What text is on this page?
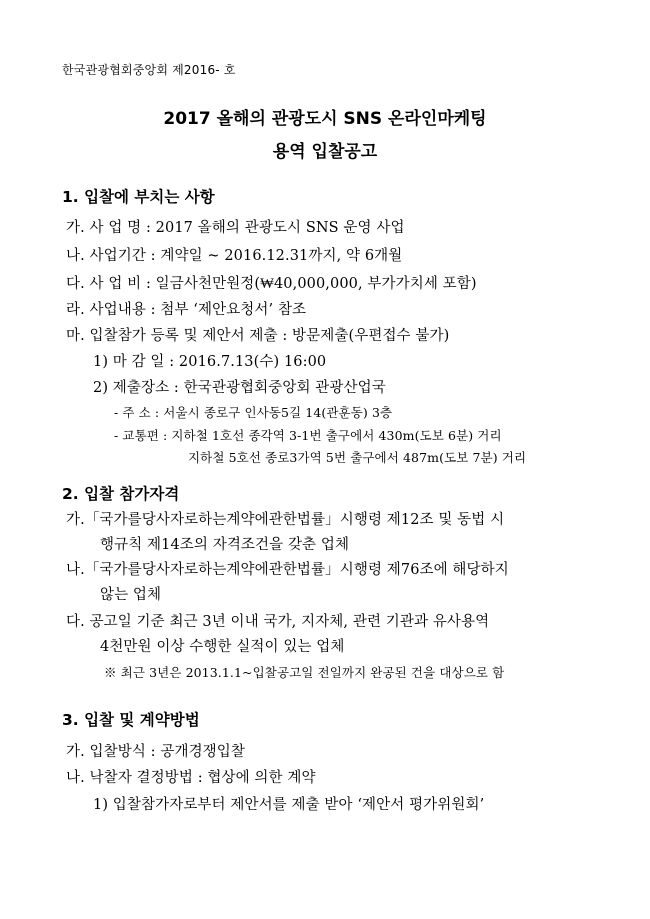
한국관광협회중앙회 제2016- 호
2017 올해의 관광도시 SNS 온라인마케팅
용역 입찰공고
1. 입찰에 부치는 사항
가. 사 업 명 : 2017 올해의 관광도시 SNS 운영 사업
나. 사업기간 : 계약일 ~ 2016.12.31까지, 약 6개월
다. 사 업 비 : 일금사천만원정(₩40,000,000, 부가가치세 포함)
라. 사업내용 : 첨부 ‘제안요청서’ 참조
마. 입찰참가 등록 및 제안서 제출 : 방문제출(우편접수 불가)
1) 마 감 일 : 2016.7.13(수) 16:00
2) 제출장소 : 한국관광협회중앙회 관광산업국
- 주 소 : 서울시 종로구 인사동5길 14(관훈동) 3층
- 교통편 : 지하철 1호선 종각역 3-1번 출구에서 430m(도보 6분) 거리
지하철 5호선 종로3가역 5번 출구에서 487m(도보 7분) 거리
2. 입찰 참가자격
가.「국가를당사자로하는계약에관한법률」시행령 제12조 및 동법 시
행규칙 제14조의 자격조건을 갖춘 업체
나.「국가를당사자로하는계약에관한법률」시행령 제76조에 해당하지
않는 업체
다. 공고일 기준 최근 3년 이내 국가, 지자체, 관련 기관과 유사용역
4천만원 이상 수행한 실적이 있는 업체
※ 최근 3년은 2013.1.1~입찰공고일 전일까지 완공된 건을 대상으로 함
3. 입찰 및 계약방법
가. 입찰방식 : 공개경쟁입찰
나. 낙찰자 결정방법 : 협상에 의한 계약
1) 입찰참가자로부터 제안서를 제출 받아 ‘제안서 평가위원회’
